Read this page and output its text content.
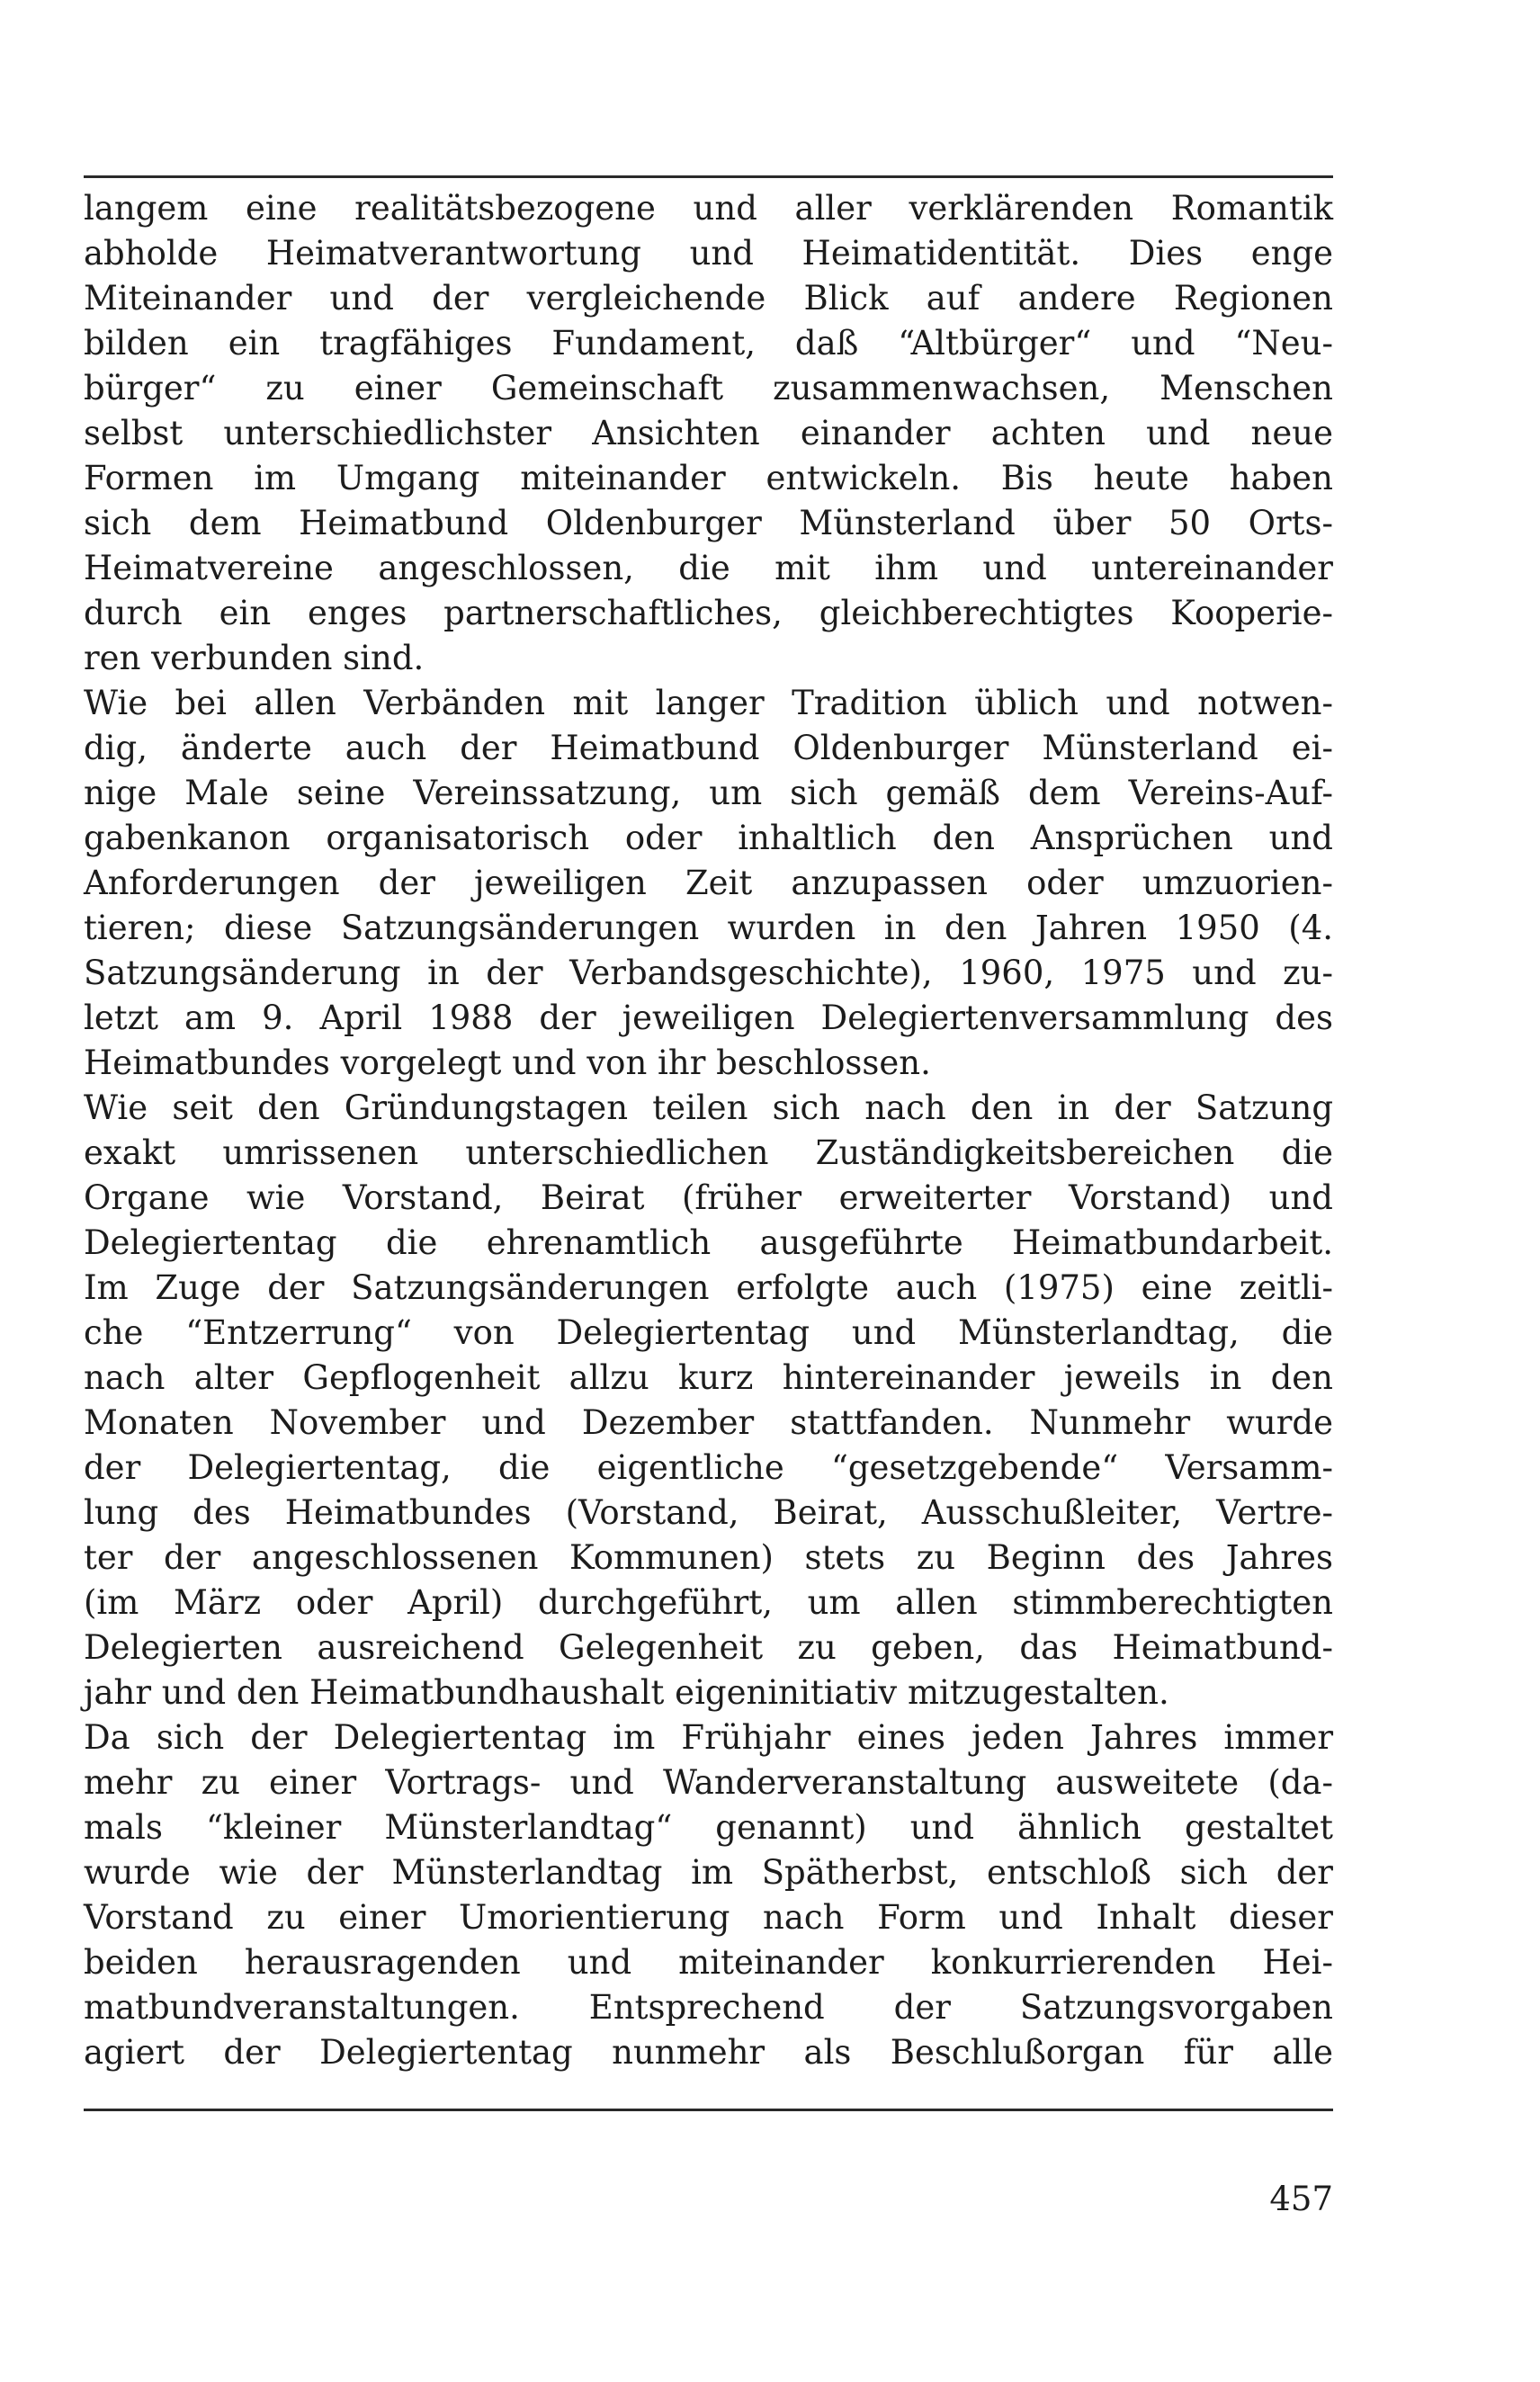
langem eine realitätsbezogene und aller verklärenden Romantik
abholde Heimatverantwortung und Heimatidentität. Dies enge
Miteinander und der vergleichende Blick auf andere Regionen
bilden ein tragfähiges Fundament, daß “Altbürger“ und “Neu-
bürger“ zu einer Gemeinschaft zusammenwachsen, Menschen
selbst unterschiedlichster Ansichten einander achten und neue
Formen im Umgang miteinander entwickeln. Bis heute haben
sich dem Heimatbund Oldenburger Münsterland über 50 Orts-
Heimatvereine angeschlossen, die mit ihm und untereinander
durch ein enges partnerschaftliches, gleichberechtigtes Kooperie-
ren verbunden sind.
Wie bei allen Verbänden mit langer Tradition üblich und notwen-
dig, änderte auch der Heimatbund Oldenburger Münsterland ei-
nige Male seine Vereinssatzung, um sich gemäß dem Vereins-Auf-
gabenkanon organisatorisch oder inhaltlich den Ansprüchen und
Anforderungen der jeweiligen Zeit anzupassen oder umzuorien-
tieren; diese Satzungsänderungen wurden in den Jahren 1950 (4.
Satzungsänderung in der Verbandsgeschichte), 1960, 1975 und zu-
letzt am 9. April 1988 der jeweiligen Delegiertenversammlung des
Heimatbundes vorgelegt und von ihr beschlossen.
Wie seit den Gründungstagen teilen sich nach den in der Satzung
exakt umrissenen unterschiedlichen Zuständigkeitsbereichen die
Organe wie Vorstand, Beirat (früher erweiterter Vorstand) und
Delegiertentag die ehrenamtlich ausgeführte Heimatbundarbeit.
Im Zuge der Satzungsänderungen erfolgte auch (1975) eine zeitli-
che “Entzerrung“ von Delegiertentag und Münsterlandtag, die
nach alter Gepflogenheit allzu kurz hintereinander jeweils in den
Monaten November und Dezember stattfanden. Nunmehr wurde
der Delegiertentag, die eigentliche “gesetzgebende“ Versamm-
lung des Heimatbundes (Vorstand, Beirat, Ausschußleiter, Vertre-
ter der angeschlossenen Kommunen) stets zu Beginn des Jahres
(im März oder April) durchgeführt, um allen stimmberechtigten
Delegierten ausreichend Gelegenheit zu geben, das Heimatbund-
jahr und den Heimatbundhaushalt eigeninitiativ mitzugestalten.
Da sich der Delegiertentag im Frühjahr eines jeden Jahres immer
mehr zu einer Vortrags- und Wanderveranstaltung ausweitete (da-
mals “kleiner Münsterlandtag“ genannt) und ähnlich gestaltet
wurde wie der Münsterlandtag im Spätherbst, entschloß sich der
Vorstand zu einer Umorientierung nach Form und Inhalt dieser
beiden herausragenden und miteinander konkurrierenden Hei-
matbundveranstaltungen. Entsprechend der Satzungsvorgaben
agiert der Delegiertentag nunmehr als Beschlußorgan für alle
457
